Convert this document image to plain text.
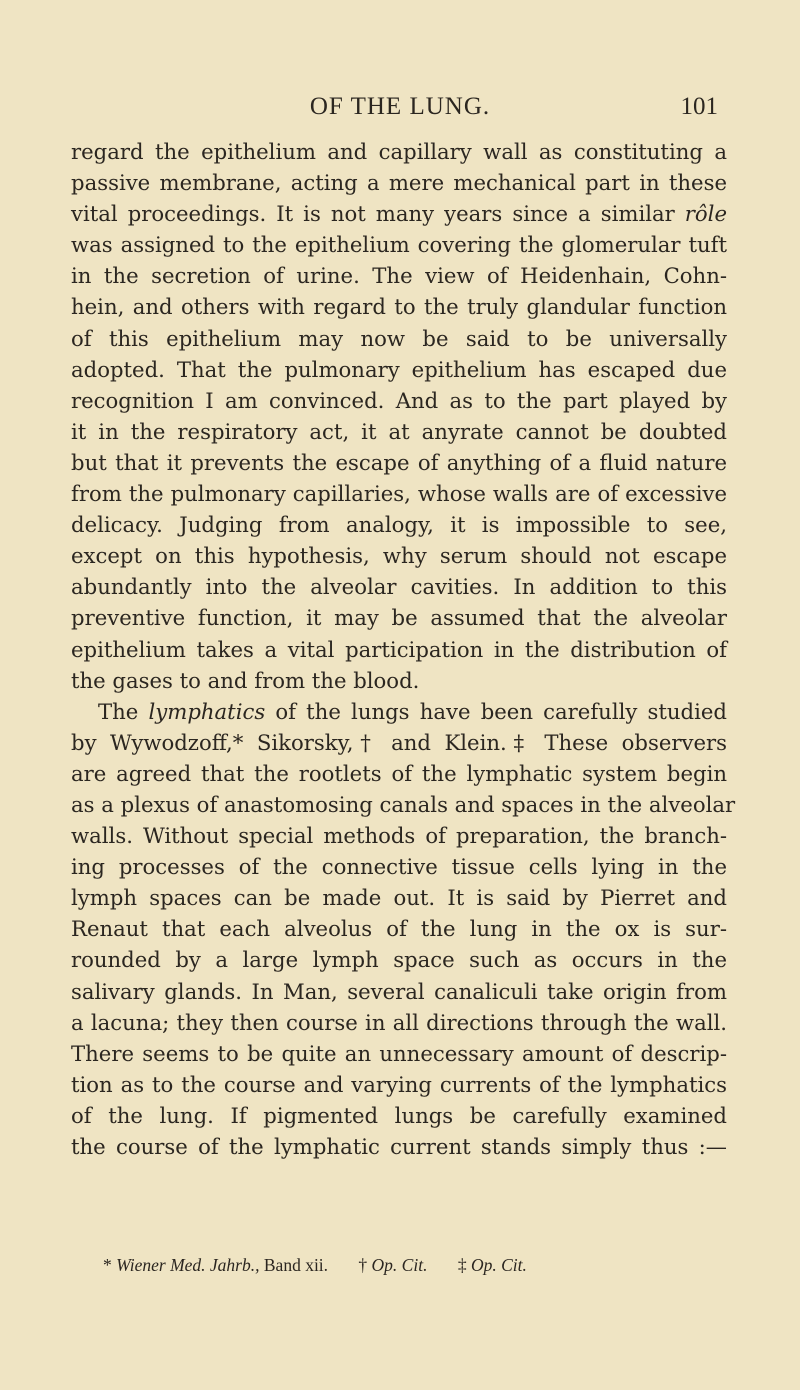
OF THE LUNG.	101
regard the epithelium and capillary wall as constituting a
passive membrane, acting a mere mechanical part in these
vital proceedings. It is not many years since a similar rôle
was assigned to the epithelium covering the glomerular tuft
in the secretion of urine. The view of Heidenhain, Cohn-
hein, and others with regard to the truly glandular function
of this epithelium may now be said to be universally
adopted. That the pulmonary epithelium has escaped due
recognition I am convinced. And as to the part played by
it in the respiratory act, it at anyrate cannot be doubted
but that it prevents the escape of anything of a fluid nature
from the pulmonary capillaries, whose walls are of excessive
delicacy. Judging from analogy, it is impossible to see,
except on this hypothesis, why serum should not escape
abundantly into the alveolar cavities. In addition to this
preventive function, it may be assumed that the alveolar
epithelium takes a vital participation in the distribution of
the gases to and from the blood.
The lymphatics of the lungs have been carefully studied
by Wywodzoff,* Sikorsky,† and Klein.‡ These observers
are agreed that the rootlets of the lymphatic system begin
as a plexus of anastomosing canals and spaces in the alveolar
walls. Without special methods of preparation, the branch-
ing processes of the connective tissue cells lying in the
lymph spaces can be made out. It is said by Pierret and
Renaut that each alveolus of the lung in the ox is sur-
rounded by a large lymph space such as occurs in the
salivary glands. In Man, several canaliculi take origin from
a lacuna; they then course in all directions through the wall.
There seems to be quite an unnecessary amount of descrip-
tion as to the course and varying currents of the lymphatics
of the lung. If pigmented lungs be carefully examined
the course of the lymphatic current stands simply thus :—
* Wiener Med. Jahrb., Band xii. † Op. Cit. ‡ Op. Cit.
